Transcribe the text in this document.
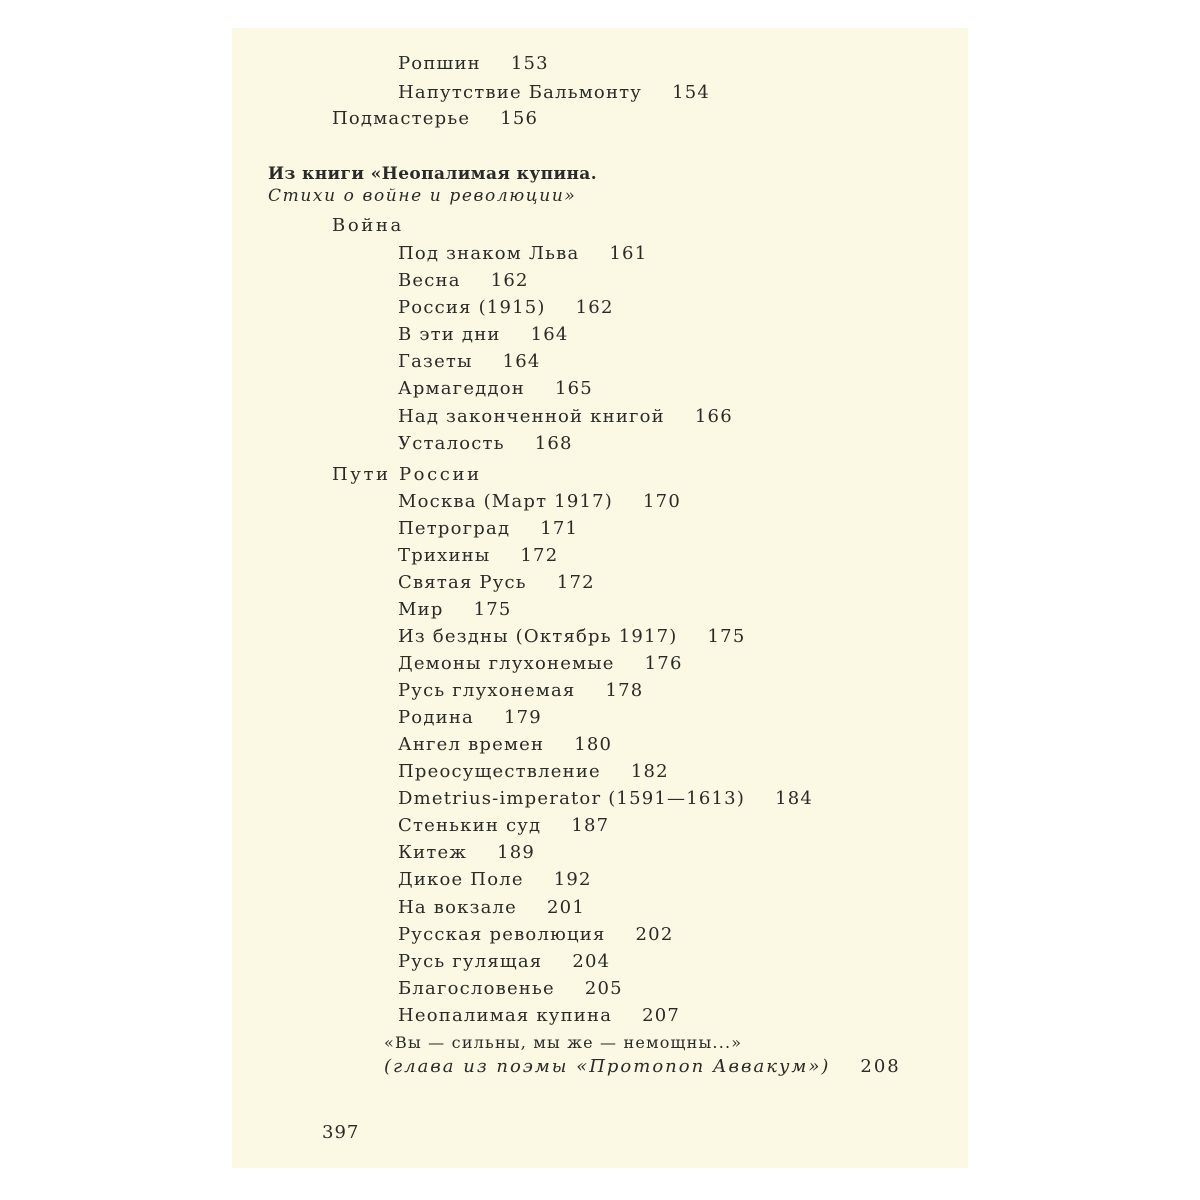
Ропшин 153
Напутствие Бальмонту 154
Подмастерье 156
Из книги «Неопалимая купина.
Стихи о войне и революции»
Война
Под знаком Льва 161
Весна 162
Россия (1915) 162
В эти дни 164
Газеты 164
Армагеддон 165
Над законченной книгой 166
Усталость 168
Пути России
Москва (Март 1917) 170
Петроград 171
Трихины 172
Святая Русь 172
Мир 175
Из бездны (Октябрь 1917) 175
Демоны глухонемые 176
Русь глухонемая 178
Родина 179
Ангел времен 180
Преосуществление 182
Dmetrius-imperator (1591—1613) 184
Стенькин суд 187
Китеж 189
Дикое Поле 192
На вокзале 201
Русская революция 202
Русь гулящая 204
Благословенье 205
Неопалимая купина 207
«Вы — сильны, мы же — немощны...»
(глава из поэмы «Протопоп Аввакум») 208
397
